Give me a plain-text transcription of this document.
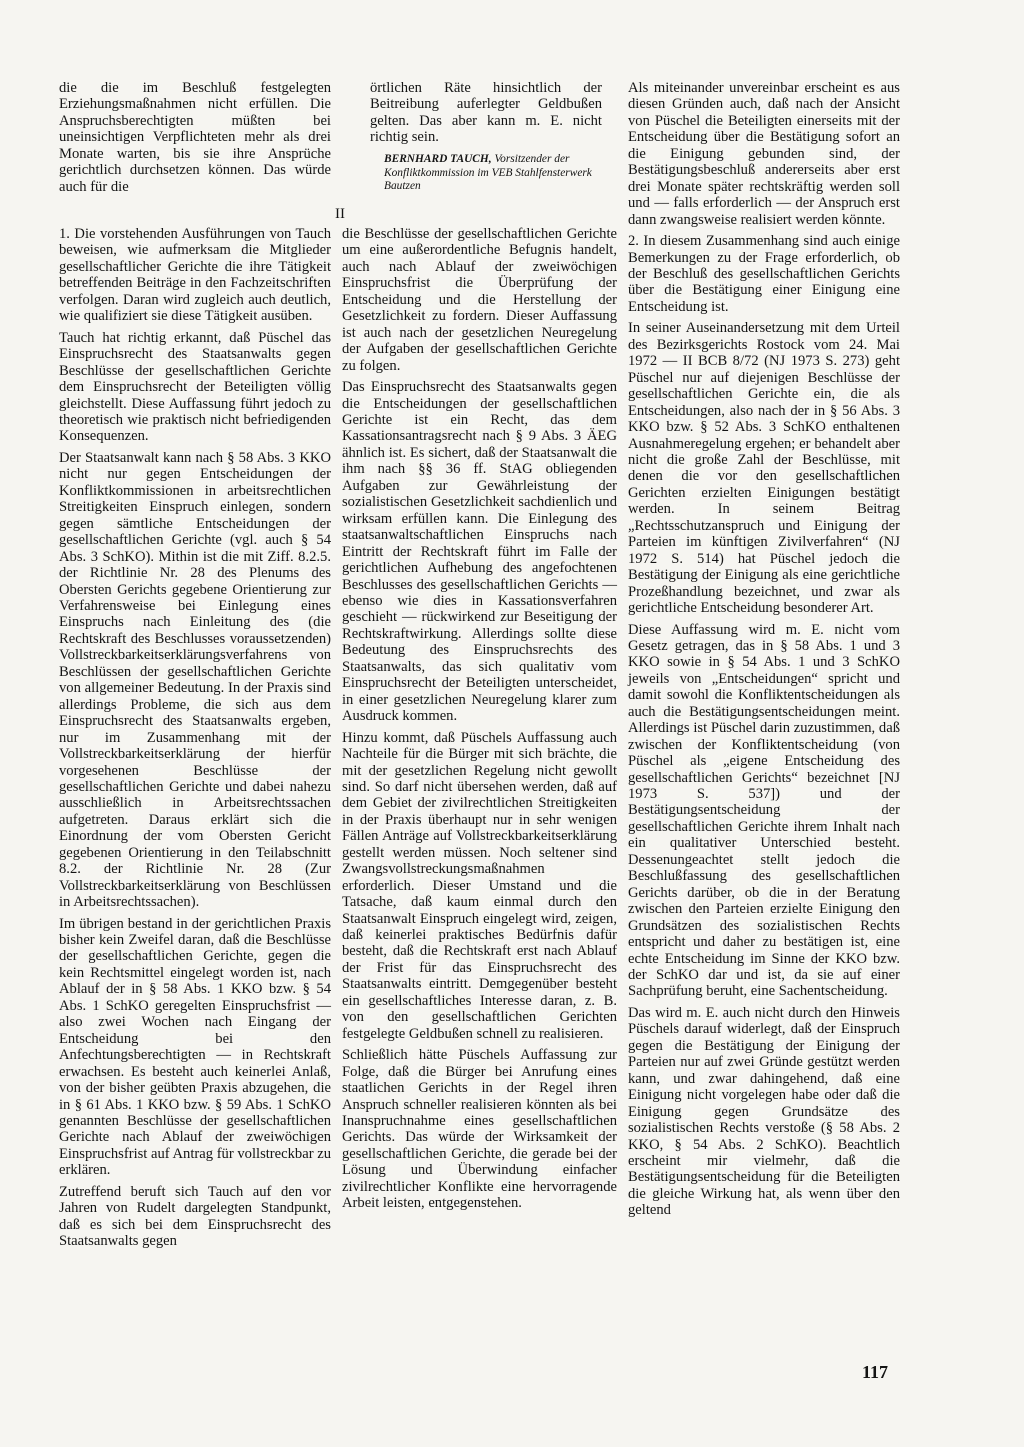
die die im Beschluß festgelegten Erziehungsmaßnahmen nicht erfüllen. Die Anspruchsberechtigten müßten bei uneinsichtigen Verpflichteten mehr als drei Monate warten, bis sie ihre Ansprüche gerichtlich durchsetzen können. Das würde auch für die

örtlichen Räte hinsichtlich der Beitreibung auferlegter Geldbußen gelten. Das aber kann m. E. nicht richtig sein.

BERNHARD TAUCH, Vorsitzender der Konfliktkommission im VEB Stahlfensterwerk Bautzen
II

1. Die vorstehenden Ausführungen von Tauch beweisen, wie aufmerksam die Mitglieder gesellschaftlicher Gerichte die ihre Tätigkeit betreffenden Beiträge in den Fachzeitschriften verfolgen. Daran wird zugleich auch deutlich, wie qualifiziert sie diese Tätigkeit ausüben.

Tauch hat richtig erkannt, daß Püschel das Einspruchsrecht des Staatsanwalts gegen Beschlüsse der gesellschaftlichen Gerichte dem Einspruchsrecht der Beteiligten völlig gleichstellt. Diese Auffassung führt jedoch zu theoretisch wie praktisch nicht befriedigenden Konsequenzen.

Der Staatsanwalt kann nach § 58 Abs. 3 KKO nicht nur gegen Entscheidungen der Konfliktkommissionen in arbeitsrechtlichen Streitigkeiten Einspruch einlegen, sondern gegen sämtliche Entscheidungen der gesellschaftlichen Gerichte (vgl. auch § 54 Abs. 3 SchKO). Mithin ist die mit Ziff. 8.2.5. der Richtlinie Nr. 28 des Plenums des Obersten Gerichts gegebene Orientierung zur Verfahrensweise bei Einlegung eines Einspruchs nach Einleitung des (die Rechtskraft des Beschlusses voraussetzenden) Vollstreckbarkeitserklärungsverfahrens von Beschlüssen der gesellschaftlichen Gerichte von allgemeiner Bedeutung. In der Praxis sind allerdings Probleme, die sich aus dem Einspruchsrecht des Staatsanwalts ergeben, nur im Zusammenhang mit der Vollstreckbarkeitserklärung der hierfür vorgesehenen Beschlüsse der gesellschaftlichen Gerichte und dabei nahezu ausschließlich in Arbeitsrechtssachen aufgetreten. Daraus erklärt sich die Einordnung der vom Obersten Gericht gegebenen Orientierung in den Teilabschnitt 8.2. der Richtlinie Nr. 28 (Zur Vollstreckbarkeitserklärung von Beschlüssen in Arbeitsrechtssachen).

Im übrigen bestand in der gerichtlichen Praxis bisher kein Zweifel daran, daß die Beschlüsse der gesellschaftlichen Gerichte, gegen die kein Rechtsmittel eingelegt worden ist, nach Ablauf der in § 58 Abs. 1 KKO bzw. § 54 Abs. 1 SchKO geregelten Einspruchsfrist — also zwei Wochen nach Eingang der Entscheidung bei den Anfechtungsberechtigten — in Rechtskraft erwachsen. Es besteht auch keinerlei Anlaß, von der bisher geübten Praxis abzugehen, die in § 61 Abs. 1 KKO bzw. § 59 Abs. 1 SchKO genannten Beschlüsse der gesellschaftlichen Gerichte nach Ablauf der zweiwöchigen Einspruchsfrist auf Antrag für vollstreckbar zu erklären.

Zutreffend beruft sich Tauch auf den vor Jahren von Rudelt dargelegten Standpunkt, daß es sich bei dem Einspruchsrecht des Staatsanwalts gegen

die Beschlüsse der gesellschaftlichen Gerichte um eine außerordentliche Befugnis handelt, auch nach Ablauf der zweiwöchigen Einspruchsfrist die Überprüfung der Entscheidung und die Herstellung der Gesetzlichkeit zu fordern. Dieser Auffassung ist auch nach der gesetzlichen Neuregelung der Aufgaben der gesellschaftlichen Gerichte zu folgen.

Das Einspruchsrecht des Staatsanwalts gegen die Entscheidungen der gesellschaftlichen Gerichte ist ein Recht, das dem Kassationsantragsrecht nach § 9 Abs. 3 ÄEG ähnlich ist. Es sichert, daß der Staatsanwalt die ihm nach §§ 36 ff. StAG obliegenden Aufgaben zur Gewährleistung der sozialistischen Gesetzlichkeit sachdienlich und wirksam erfüllen kann. Die Einlegung des staatsanwaltschaftlichen Einspruchs nach Eintritt der Rechtskraft führt im Falle der gerichtlichen Aufhebung des angefochtenen Beschlusses des gesellschaftlichen Gerichts — ebenso wie dies in Kassationsverfahren geschieht — rückwirkend zur Beseitigung der Rechtskraftwirkung. Allerdings sollte diese Bedeutung des Einspruchsrechts des Staatsanwalts, das sich qualitativ vom Einspruchsrecht der Beteiligten unterscheidet, in einer gesetzlichen Neuregelung klarer zum Ausdruck kommen.

Hinzu kommt, daß Püschels Auffassung auch Nachteile für die Bürger mit sich brächte, die mit der gesetzlichen Regelung nicht gewollt sind. So darf nicht übersehen werden, daß auf dem Gebiet der zivilrechtlichen Streitigkeiten in der Praxis überhaupt nur in sehr wenigen Fällen Anträge auf Vollstreckbarkeitserklärung gestellt werden müssen. Noch seltener sind Zwangsvollstreckungsmaßnahmen erforderlich. Dieser Umstand und die Tatsache, daß kaum einmal durch den Staatsanwalt Einspruch eingelegt wird, zeigen, daß keinerlei praktisches Bedürfnis dafür besteht, daß die Rechtskraft erst nach Ablauf der Frist für das Einspruchsrecht des Staatsanwalts eintritt. Demgegenüber besteht ein gesellschaftliches Interesse daran, z. B. von den gesellschaftlichen Gerichten festgelegte Geldbußen schnell zu realisieren.

Schließlich hätte Püschels Auffassung zur Folge, daß die Bürger bei Anrufung eines staatlichen Gerichts in der Regel ihren Anspruch schneller realisieren könnten als bei Inanspruchnahme eines gesellschaftlichen Gerichts. Das würde der Wirksamkeit der gesellschaftlichen Gerichte, die gerade bei der Lösung und Überwindung einfacher zivilrechtlicher Konflikte eine hervorragende Arbeit leisten, entgegenstehen.

Als miteinander unvereinbar erscheint es aus diesen Gründen auch, daß nach der Ansicht von Püschel die Beteiligten einerseits mit der Entscheidung über die Bestätigung sofort an die Einigung gebunden sind, der Bestätigungsbeschluß andererseits aber erst drei Monate später rechtskräftig werden soll und — falls erforderlich — der Anspruch erst dann zwangsweise realisiert werden könnte.

2. In diesem Zusammenhang sind auch einige Bemerkungen zu der Frage erforderlich, ob der Beschluß des gesellschaftlichen Gerichts über die Bestätigung einer Einigung eine Entscheidung ist.

In seiner Auseinandersetzung mit dem Urteil des Bezirksgerichts Rostock vom 24. Mai 1972 — II BCB 8/72 (NJ 1973 S. 273) geht Püschel nur auf diejenigen Beschlüsse der gesellschaftlichen Gerichte ein, die als Entscheidungen, also nach der in § 56 Abs. 3 KKO bzw. § 52 Abs. 3 SchKO enthaltenen Ausnahmeregelung ergehen; er behandelt aber nicht die große Zahl der Beschlüsse, mit denen die vor den gesellschaftlichen Gerichten erzielten Einigungen bestätigt werden. In seinem Beitrag „Rechtsschutzanspruch und Einigung der Parteien im künftigen Zivilverfahren“ (NJ 1972 S. 514) hat Püschel jedoch die Bestätigung der Einigung als eine gerichtliche Prozeßhandlung bezeichnet, und zwar als gerichtliche Entscheidung besonderer Art.

Diese Auffassung wird m. E. nicht vom Gesetz getragen, das in § 58 Abs. 1 und 3 KKO sowie in § 54 Abs. 1 und 3 SchKO jeweils von „Entscheidungen“ spricht und damit sowohl die Konfliktentscheidungen als auch die Bestätigungsentscheidungen meint. Allerdings ist Püschel darin zuzustimmen, daß zwischen der Konfliktentscheidung (von Püschel als „eigene Entscheidung des gesellschaftlichen Gerichts“ bezeichnet [NJ 1973 S. 537]) und der Bestätigungsentscheidung der gesellschaftlichen Gerichte ihrem Inhalt nach ein qualitativer Unterschied besteht. Dessenungeachtet stellt jedoch die Beschlußfassung des gesellschaftlichen Gerichts darüber, ob die in der Beratung zwischen den Parteien erzielte Einigung den Grundsätzen des sozialistischen Rechts entspricht und daher zu bestätigen ist, eine echte Entscheidung im Sinne der KKO bzw. der SchKO dar und ist, da sie auf einer Sachprüfung beruht, eine Sachentscheidung.

Das wird m. E. auch nicht durch den Hinweis Püschels darauf widerlegt, daß der Einspruch gegen die Bestätigung der Einigung der Parteien nur auf zwei Gründe gestützt werden kann, und zwar dahingehend, daß eine Einigung nicht vorgelegen habe oder daß die Einigung gegen Grundsätze des sozialistischen Rechts verstoße (§ 58 Abs. 2 KKO, § 54 Abs. 2 SchKO). Beachtlich erscheint mir vielmehr, daß die Bestätigungsentscheidung für die Beteiligten die gleiche Wirkung hat, als wenn über den geltend

117
